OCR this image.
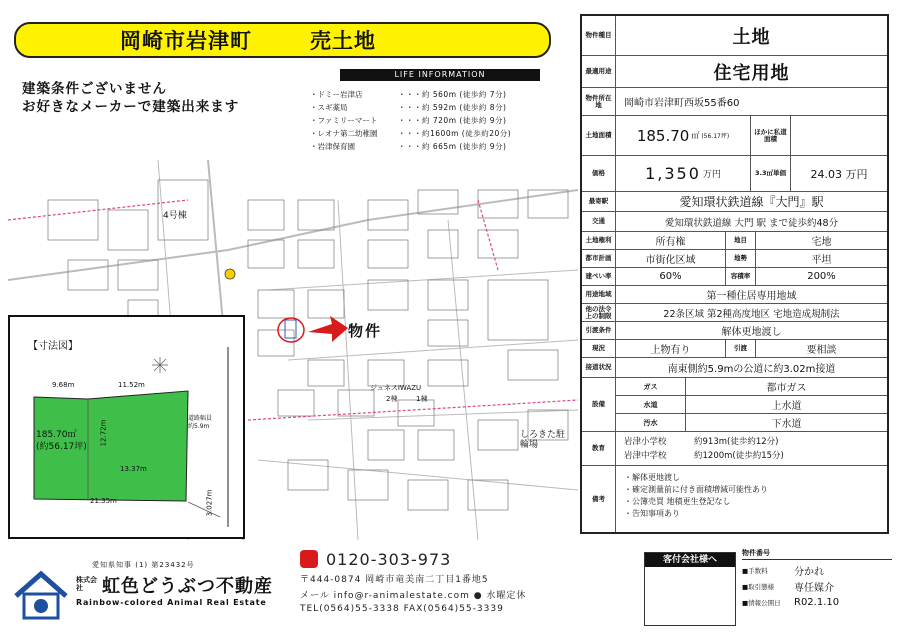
岡崎市岩津町	売土地
建築条件ございません
お好きなメーカーで建築出来ます
LIFE INFORMATION
・ドミー岩津店	・・・約 560m (徒歩約 7分)
・スギ薬局	・・・約 592m (徒歩約 8分)
・ファミリーマート	・・・約 720m (徒歩約 9分)
・レオナ第二幼稚園	・・・約1600m (徒歩約20分)
・岩津保育園	・・・約 665m (徒歩約 9分)
物件
4号棟
ジュネスIWAZU
2棟	1棟
しろきた駐輪場
【寸法図】
9.68m	11.52m
12.72m
13.37m
21.35m	3.027m
道路幅員約5.9m
185.70㎡
(約56.17坪)
物件種目	土地
最適用途	住宅用地
物件所在地	岡崎市岩津町西坂55番60
土地面積	185.70 ㎡ (56.17坪)
ほかに私道面積
価格	1,350 万円	3.3㎡単価	24.03 万円
最寄駅	愛知環状鉄道線『大門』駅
交通	愛知環状鉄道線 大門 駅 まで徒歩約48分
土地権利	所有権	地目	宅地
都市計画	市街化区域	地勢	平坦
建ぺい率	60%	容積率	200%
用途地域	第一種住居専用地域
他の法令上の制限	22条区域 第2種高度地区 宅地造成規制法
引渡条件	解体更地渡し
現況	上物有り	引渡	要相談
接道状況	南東側約5.9mの公道に約3.02m接道
設備
ガス	都市ガス
水道	上水道
汚水	下水道
教育
岩津小学校	約913m(徒歩約12分)
岩津中学校	約1200m(徒歩約15分)
備考
・解体更地渡し
・確定測量前に付き面積増減可能性あり
・公簿売買 地積更生登記なし
・告知事項あり
愛知県知事 (1) 第23432号
株式会社	虹色どうぶつ不動産
Rainbow-colored Animal Real Estate
0120-303-973
〒444-0874 岡崎市竜美南二丁目1番地5
メール info@r-animalestate.com ● 水曜定休
TEL(0564)55-3338 FAX(0564)55-3339
客付会社様へ
物件番号
■手数料	分かれ
■取引態様	専任媒介
■情報公開日	R02.1.10
